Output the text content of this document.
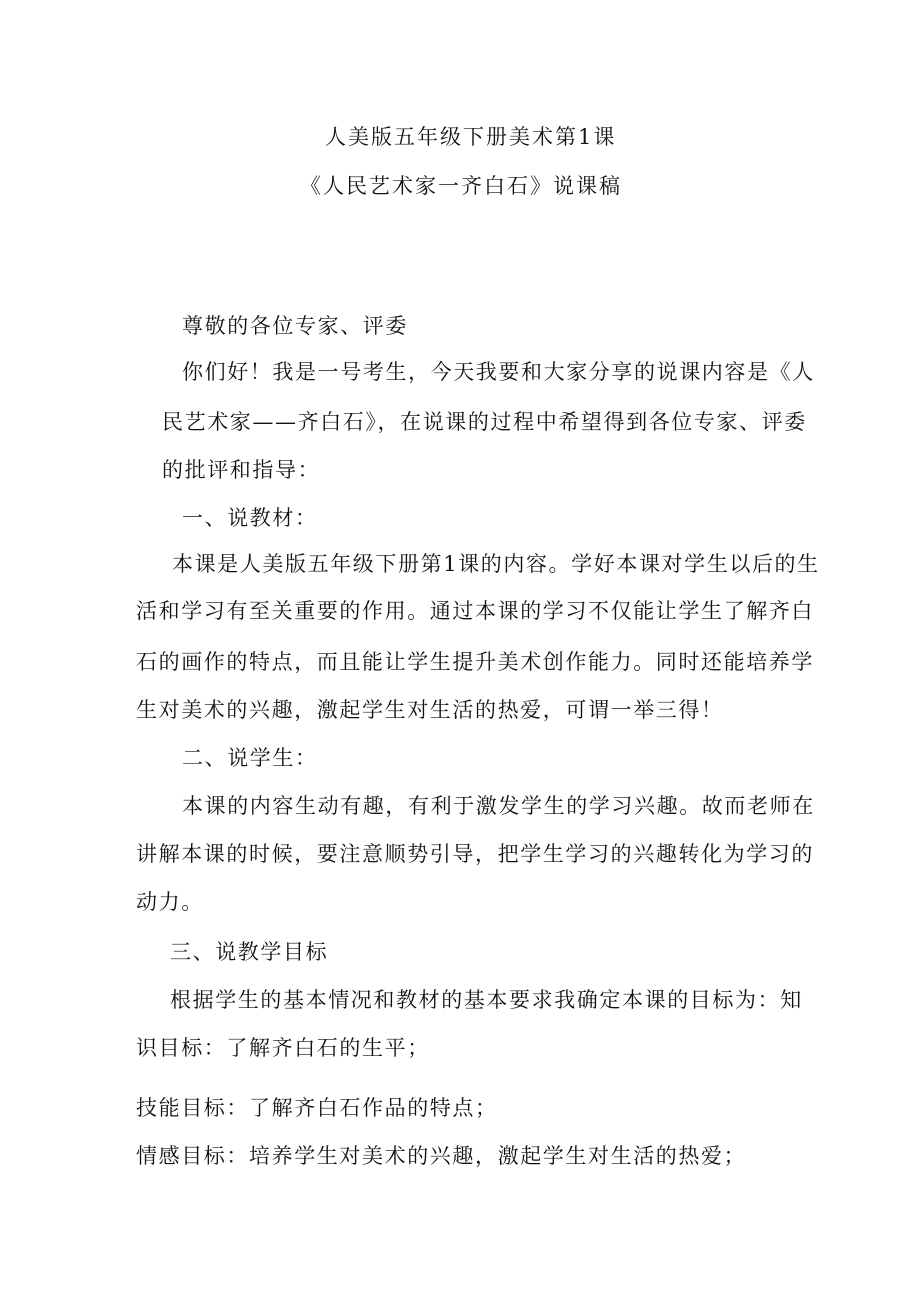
人美版五年级下册美术第1课
《人民艺术家一齐白石》说课稿
尊敬的各位专家、评委
你们好！我是一号考生，今天我要和大家分享的说课内容是《人
民艺术家——齐白石》，在说课的过程中希望得到各位专家、评委
的批评和指导：
一、说教材：
本课是人美版五年级下册第1课的内容。学好本课对学生以后的生
活和学习有至关重要的作用。通过本课的学习不仅能让学生了解齐白
石的画作的特点，而且能让学生提升美术创作能力。同时还能培养学
生对美术的兴趣，激起学生对生活的热爱，可谓一举三得！
二、说学生：
本课的内容生动有趣，有利于激发学生的学习兴趣。故而老师在
讲解本课的时候，要注意顺势引导，把学生学习的兴趣转化为学习的
动力。
三、说教学目标
根据学生的基本情况和教材的基本要求我确定本课的目标为：知
识目标：了解齐白石的生平；
技能目标：了解齐白石作品的特点；
情感目标：培养学生对美术的兴趣，激起学生对生活的热爱；
